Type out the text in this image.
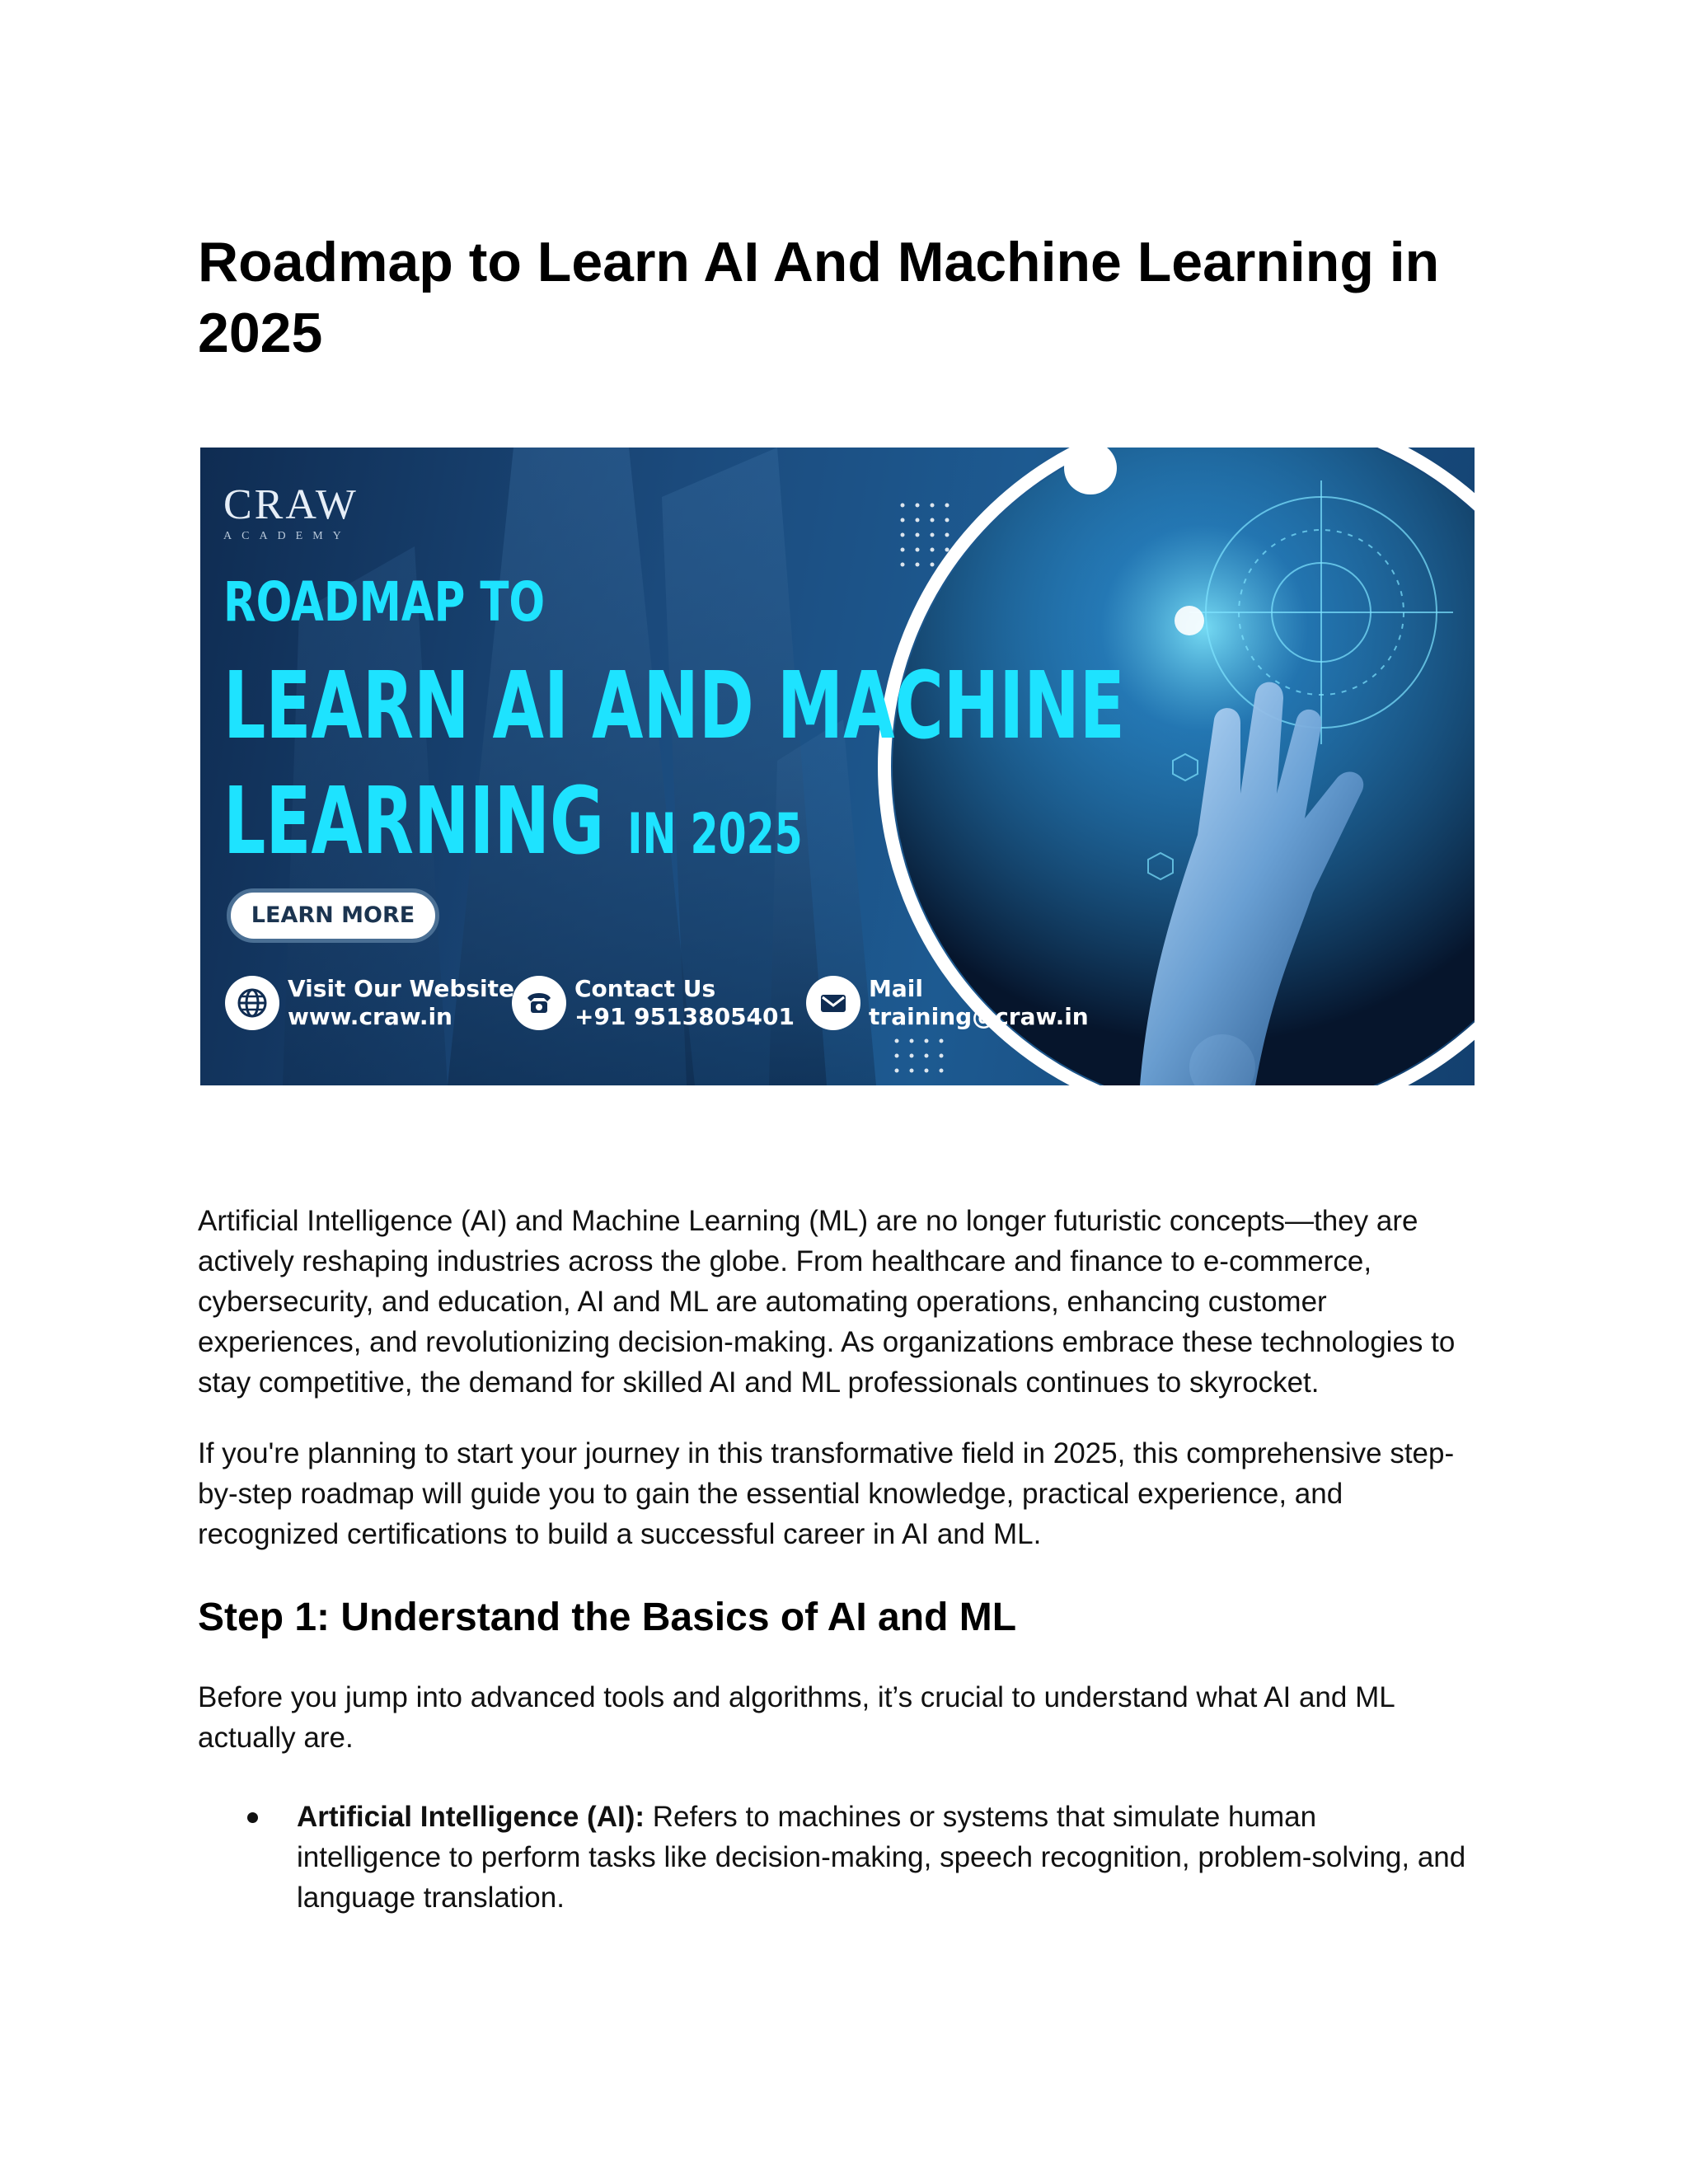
Roadmap to Learn AI And Machine Learning in 2025
CRAW
ACADEMY
ROADMAP TO
LEARN AI AND MACHINE
LEARNING IN 2025
LEARN MORE
Visit Our Website
www.craw.in
Contact Us
+91 9513805401
Mail
training@craw.in

Artificial Intelligence (AI) and Machine Learning (ML) are no longer futuristic concepts—they are actively reshaping industries across the globe. From healthcare and finance to e-commerce, cybersecurity, and education, AI and ML are automating operations, enhancing customer experiences, and revolutionizing decision-making. As organizations embrace these technologies to stay competitive, the demand for skilled AI and ML professionals continues to skyrocket.

If you're planning to start your journey in this transformative field in 2025, this comprehensive step-by-step roadmap will guide you to gain the essential knowledge, practical experience, and recognized certifications to build a successful career in AI and ML.

Step 1: Understand the Basics of AI and ML

Before you jump into advanced tools and algorithms, it’s crucial to understand what AI and ML actually are.

Artificial Intelligence (AI): Refers to machines or systems that simulate human intelligence to perform tasks like decision-making, speech recognition, problem-solving, and language translation.
